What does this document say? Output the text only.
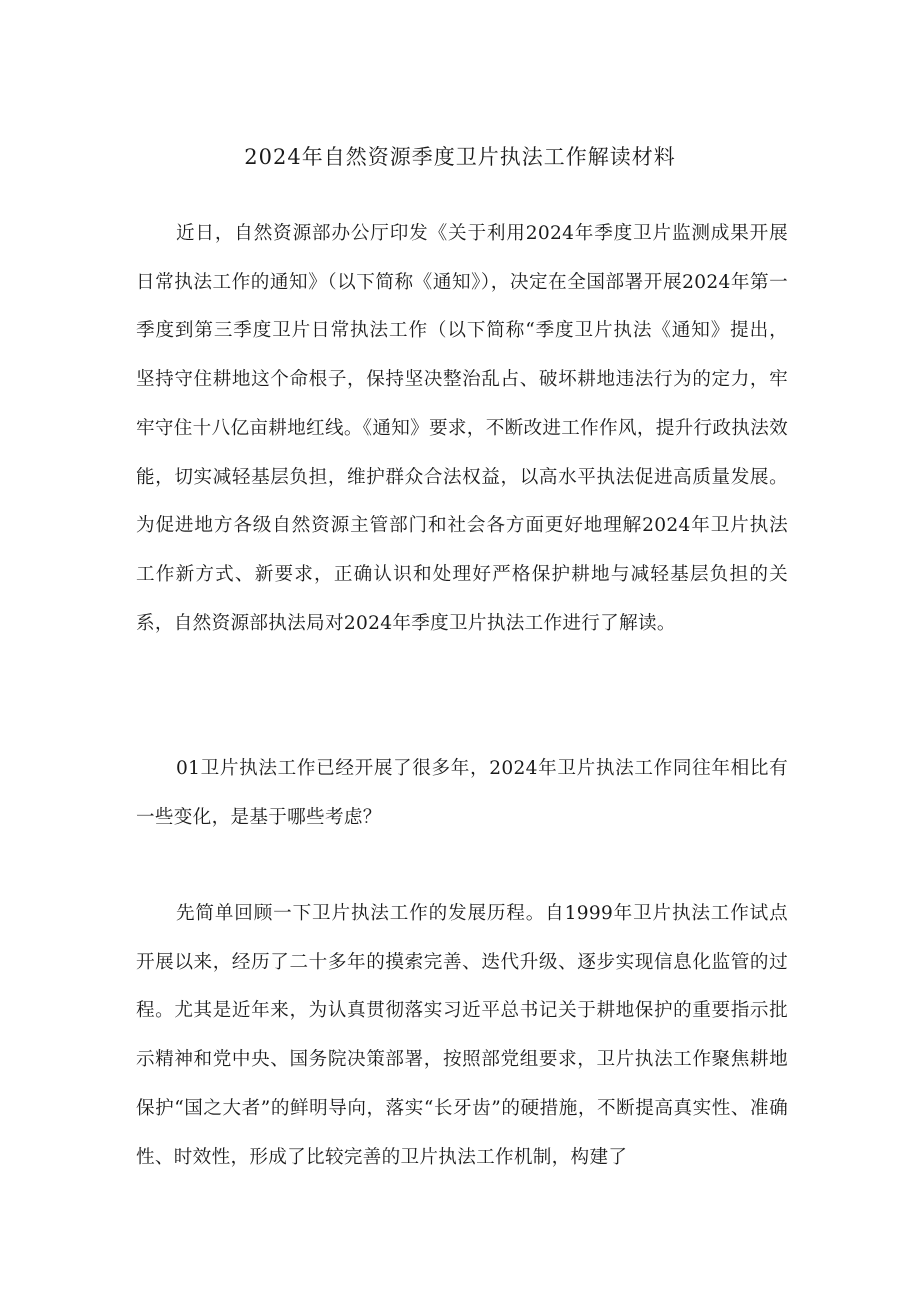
2024年自然资源季度卫片执法工作解读材料

近日，自然资源部办公厅印发《关于利用2024年季度卫片监测成果开展日常执法工作的通知》（以下简称《通知》），决定在全国部署开展2024年第一季度到第三季度卫片日常执法工作（以下简称“季度卫片执法《通知》提出，坚持守住耕地这个命根子，保持坚决整治乱占、破坏耕地违法行为的定力，牢牢守住十八亿亩耕地红线。《通知》要求，不断改进工作作风，提升行政执法效能，切实减轻基层负担，维护群众合法权益，以高水平执法促进高质量发展。为促进地方各级自然资源主管部门和社会各方面更好地理解2024年卫片执法工作新方式、新要求，正确认识和处理好严格保护耕地与减轻基层负担的关系，自然资源部执法局对2024年季度卫片执法工作进行了解读。

01卫片执法工作已经开展了很多年，2024年卫片执法工作同往年相比有一些变化，是基于哪些考虑？

先简单回顾一下卫片执法工作的发展历程。自1999年卫片执法工作试点开展以来，经历了二十多年的摸索完善、迭代升级、逐步实现信息化监管的过程。尤其是近年来，为认真贯彻落实习近平总书记关于耕地保护的重要指示批示精神和党中央、国务院决策部署，按照部党组要求，卫片执法工作聚焦耕地保护“国之大者”的鲜明导向，落实“长牙齿”的硬措施，不断提高真实性、准确性、时效性，形成了比较完善的卫片执法工作机制，构建了
